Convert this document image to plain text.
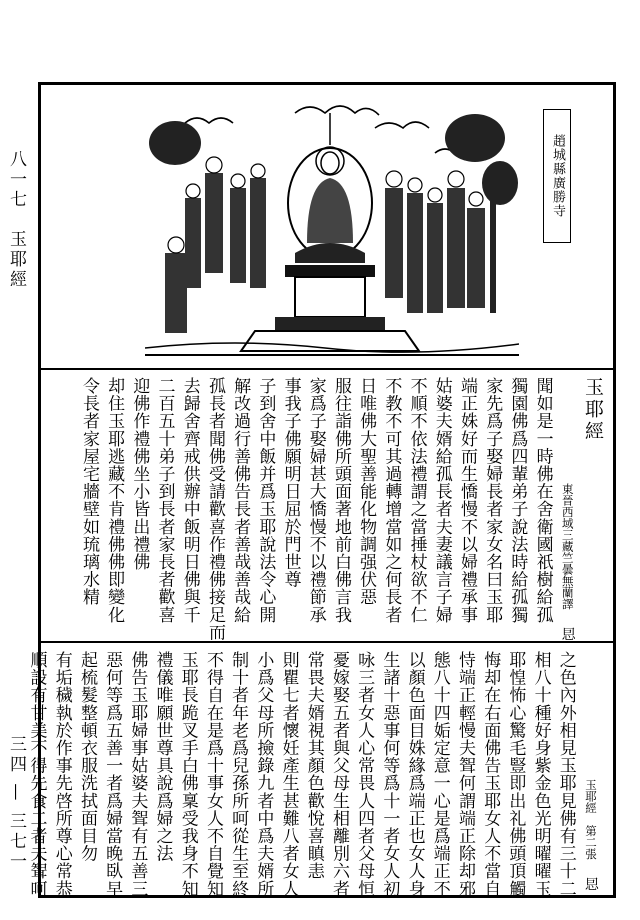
八一七　玉耶經
三四 — 三七一
趙城縣廣勝寺
玉耶經
東晉西域三藏竺曇無蘭譯　㤙
聞如是一時佛在舍衛國祇樹給孤
獨園佛爲四輩弟子說法時給孤獨
家先爲子娶婦長者家女名曰玉耶
端正姝好而生憍慢不以婦禮承事
姑婆夫婿給孤長者夫妻議言子婦
不順不依法禮謂之當捶杖欲不仁
不教不可其過轉增當如之何長者
日唯佛大聖善能化物調强伏惡
服往詣佛所頭面著地前白佛言我
家爲子娶婦甚大憍慢不以禮節承
事我子佛願明日屈於門世尊
子到舍中飯并爲玉耶說法令心開
解改過行善佛告長者善哉善哉給
孤長者聞佛受請歡喜作禮佛接足而
去歸舍齊戒供辦中飯明日佛與千
二百五十弟子到長者家長者歡喜
迎佛作禮佛坐小皆出禮佛
却住玉耶逃藏不肯禮佛佛即變化
令長者家屋宅牆壁如琉璃水精
玉耶經　第二張　㤙
之色內外相見玉耶見佛有三十二
相八十種好身紫金色光明曜曜玉
耶惶怖心驚毛豎即出礼佛頭頂觸
悔却在右面佛告玉耶女人不當自
恃端正輕慢夫聟何謂端正除却邪
態八十四姤定意一心是爲端正不
以顏色面目姝緣爲端正也女人身
生諸十惡事何等爲十一者女人初
咏三者女人心常畏人四者父母恒
憂嫁娶五者與父母生相離別六者
常畏夫婿視其顏色歡悅喜瞋恚
則瞿七者懷妊產生甚難八者女人
小爲父母所撿錄九者中爲夫婿所
制十者年老爲兒孫所呵從生至終
不得自在是爲十事女人不自覺知
玉耶長跪叉手白佛稟受我身不知
禮儀唯願世尊具說爲婦之法
佛告玉耶婦事姑婆夫聟有五善三
惡何等爲五善一者爲婦當晚臥早
起梳髮整頓衣服洗拭面目勿
有垢穢執於作事先啓所尊心常恭
順設有甘美不得先食二者夫聟呵
